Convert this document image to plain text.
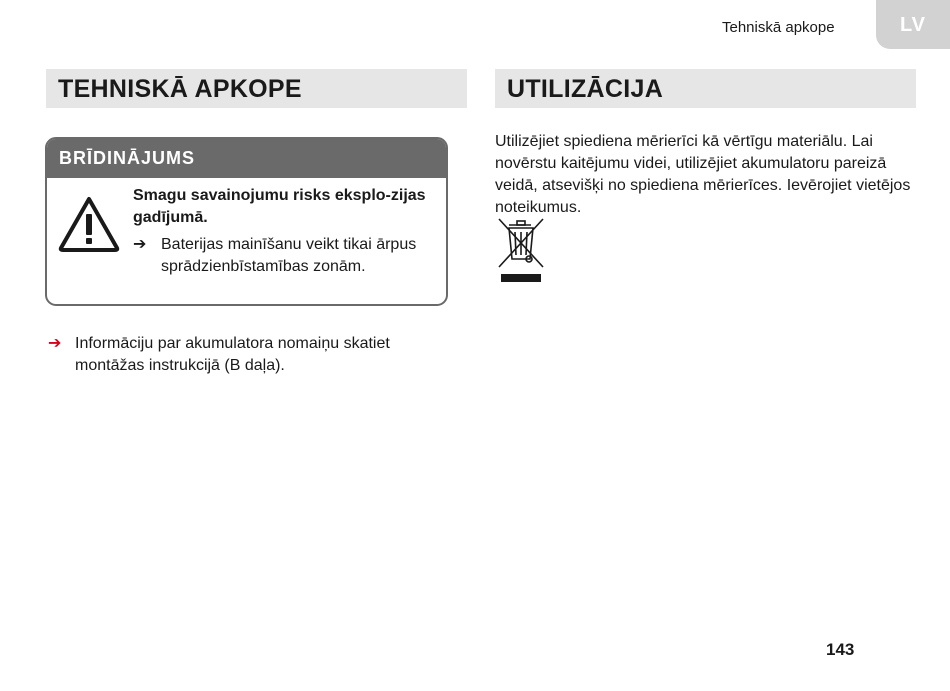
Tehniskā apkope	LV
TEHNISKĀ APKOPE	UTILIZĀCIJA
BRĪDINĀJUMS
Smagu savainojumu risks eksplo-zijas gadījumā.
➔ Baterijas mainīšanu veikt tikai ārpus sprādzienbīstamības zonām.
➔ Informāciju par akumulatora nomaiņu skatiet montāžas instrukcijā (B daļa).
Utilizējiet spiediena mērierīci kā vērtīgu materiālu. Lai novērstu kaitējumu videi, utilizējiet akumulatoru pareizā veidā, atsevišķi no spiediena mērierīces. Ievērojiet vietējos noteikumus.
143
